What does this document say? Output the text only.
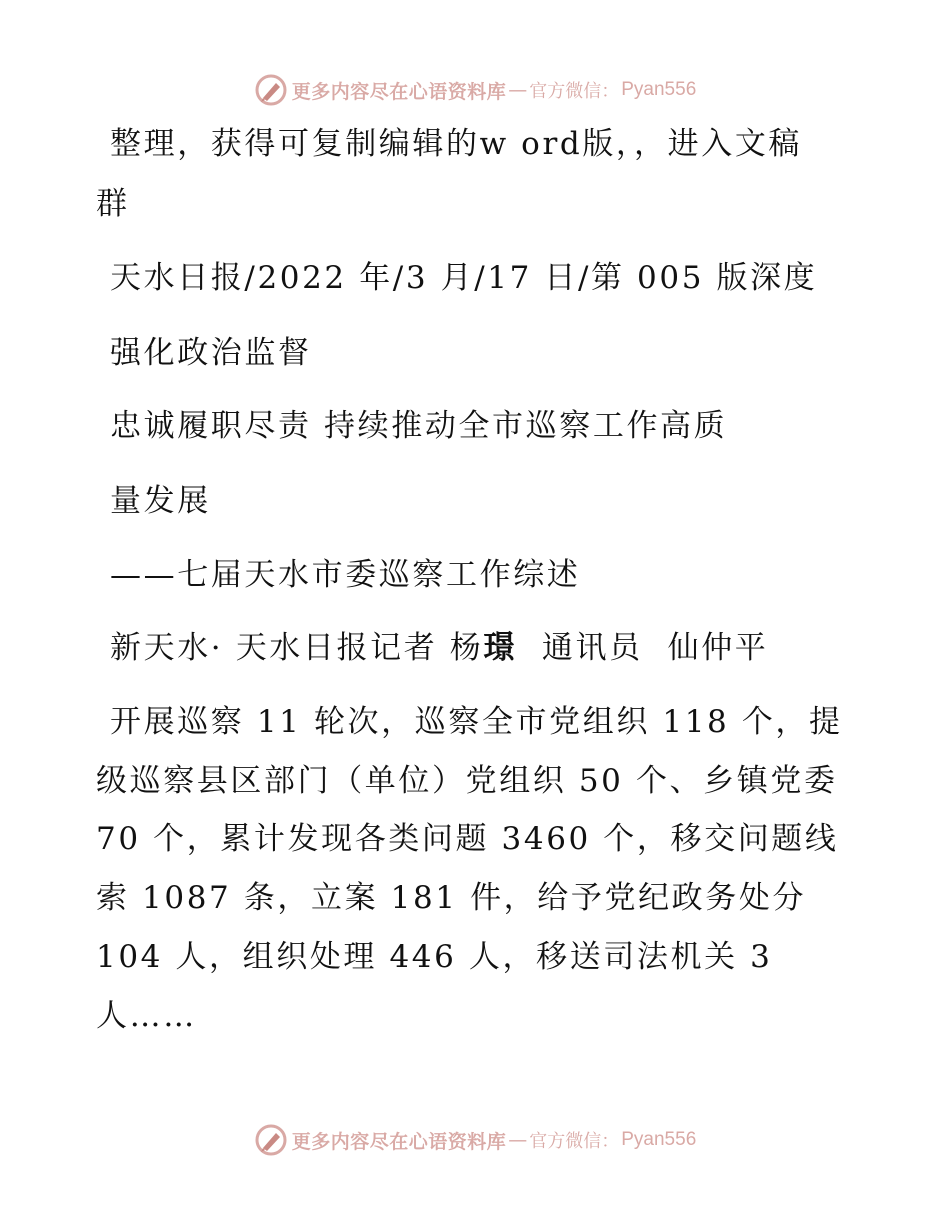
更多内容尽在心语资料库 — 官方微信： Pyan556
整理，获得可复制编辑的w ord版，，进入文稿
群
天水日报/2022 年/3 月/17 日/第 005 版深度
强化政治监督
忠诚履职尽责 持续推动全市巡察工作高质
量发展
——七届天水市委巡察工作综述
新天水· 天水日报记者 杨璟  通讯员  仙仲平
开展巡察 11 轮次，巡察全市党组织 118 个，提
级巡察县区部门（单位）党组织 50 个、乡镇党委
70 个，累计发现各类问题 3460 个，移交问题线
索 1087 条，立案 181 件，给予党纪政务处分
104 人，组织处理 446 人，移送司法机关 3
人……
更多内容尽在心语资料库 — 官方微信： Pyan556
